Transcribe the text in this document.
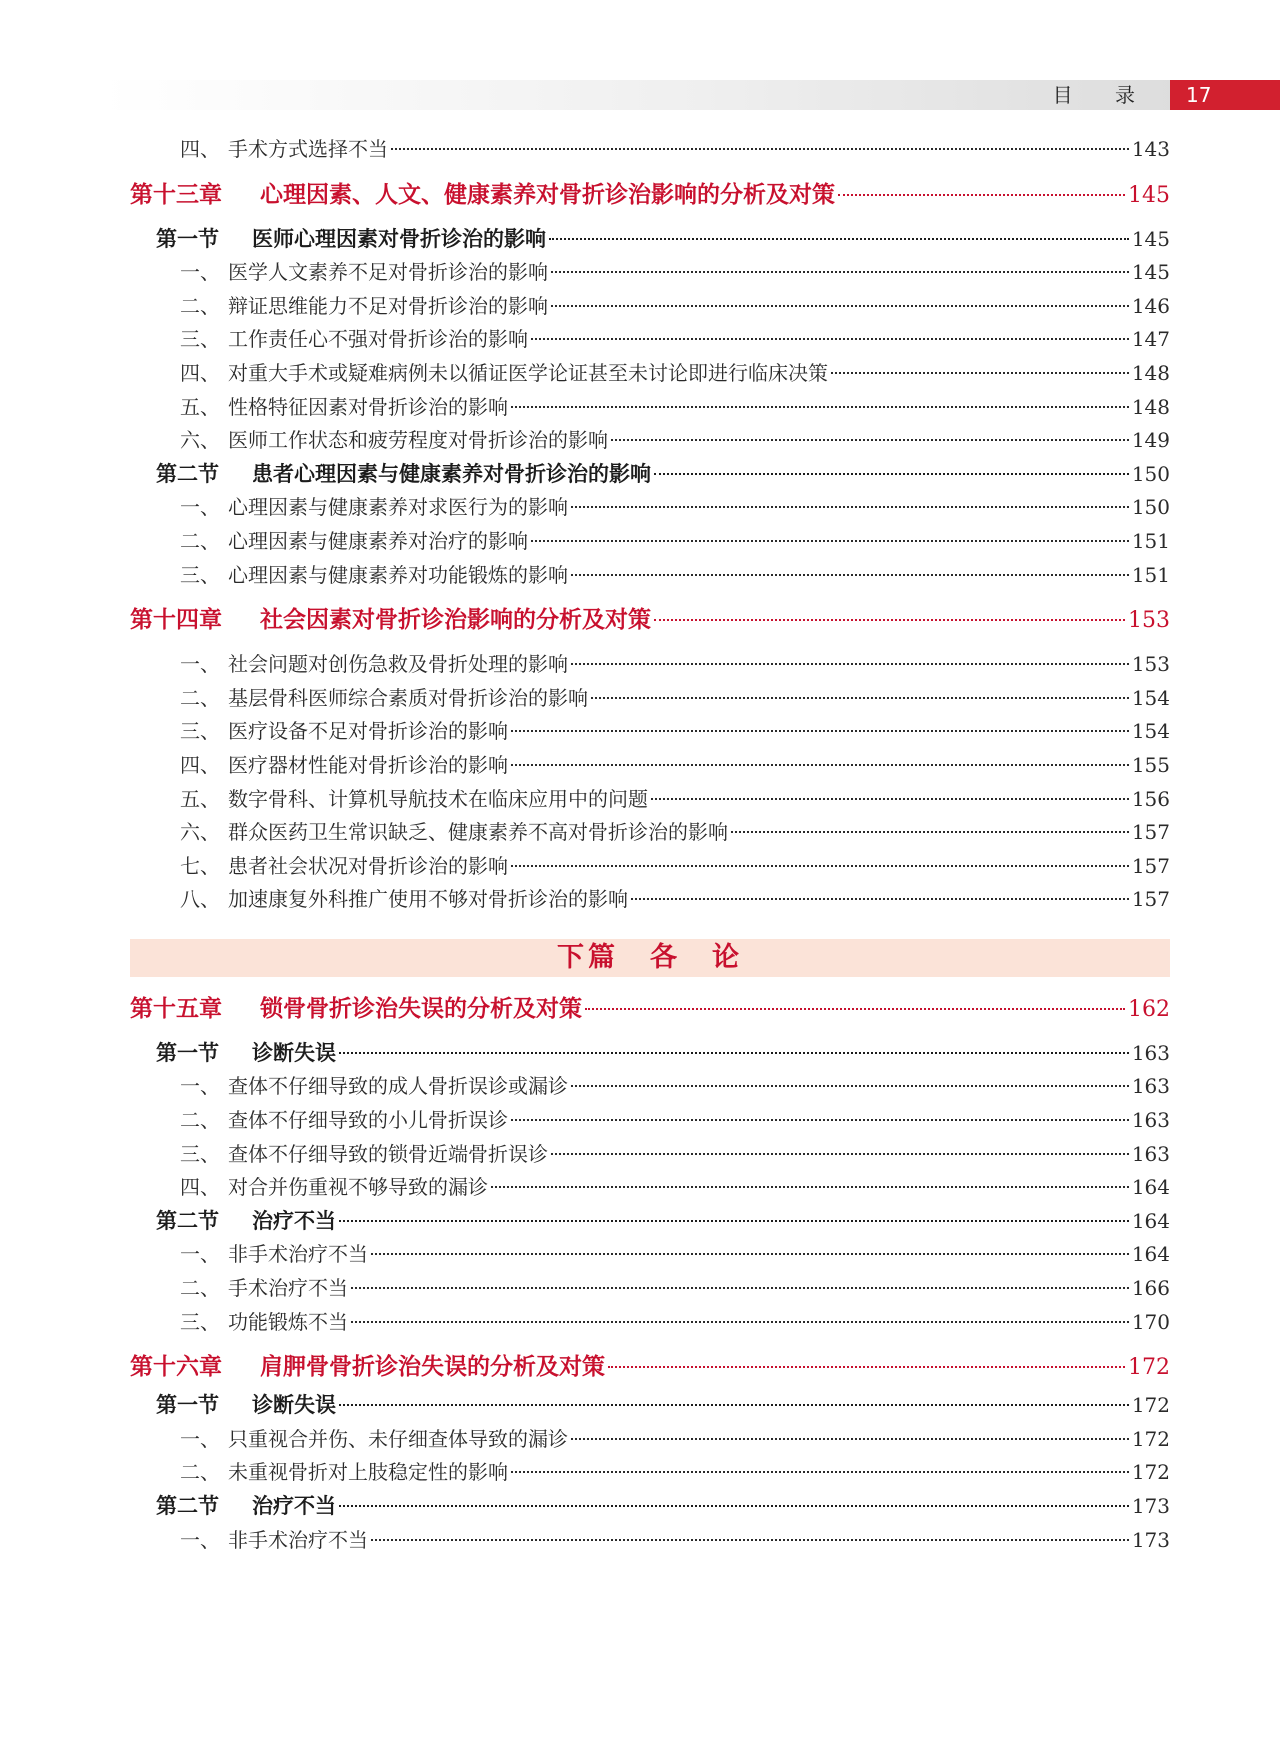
目 录	17
四、 手术方式选择不当	143
第十三章	心理因素、人文、健康素养对骨折诊治影响的分析及对策	145
第一节	医师心理因素对骨折诊治的影响	145
一、 医学人文素养不足对骨折诊治的影响	145
二、 辩证思维能力不足对骨折诊治的影响	146
三、 工作责任心不强对骨折诊治的影响	147
四、 对重大手术或疑难病例未以循证医学论证甚至未讨论即进行临床决策	148
五、 性格特征因素对骨折诊治的影响	148
六、 医师工作状态和疲劳程度对骨折诊治的影响	149
第二节	患者心理因素与健康素养对骨折诊治的影响	150
一、 心理因素与健康素养对求医行为的影响	150
二、 心理因素与健康素养对治疗的影响	151
三、 心理因素与健康素养对功能锻炼的影响	151
第十四章	社会因素对骨折诊治影响的分析及对策	153
一、 社会问题对创伤急救及骨折处理的影响	153
二、 基层骨科医师综合素质对骨折诊治的影响	154
三、 医疗设备不足对骨折诊治的影响	154
四、 医疗器材性能对骨折诊治的影响	155
五、 数字骨科、计算机导航技术在临床应用中的问题	156
六、 群众医药卫生常识缺乏、健康素养不高对骨折诊治的影响	157
七、 患者社会状况对骨折诊治的影响	157
八、 加速康复外科推广使用不够对骨折诊治的影响	157
下篇　各　论
第十五章	锁骨骨折诊治失误的分析及对策	162
第一节	诊断失误	163
一、 查体不仔细导致的成人骨折误诊或漏诊	163
二、 查体不仔细导致的小儿骨折误诊	163
三、 查体不仔细导致的锁骨近端骨折误诊	163
四、 对合并伤重视不够导致的漏诊	164
第二节	治疗不当	164
一、 非手术治疗不当	164
二、 手术治疗不当	166
三、 功能锻炼不当	170
第十六章	肩胛骨骨折诊治失误的分析及对策	172
第一节	诊断失误	172
一、 只重视合并伤、未仔细查体导致的漏诊	172
二、 未重视骨折对上肢稳定性的影响	172
第二节	治疗不当	173
一、 非手术治疗不当	173
